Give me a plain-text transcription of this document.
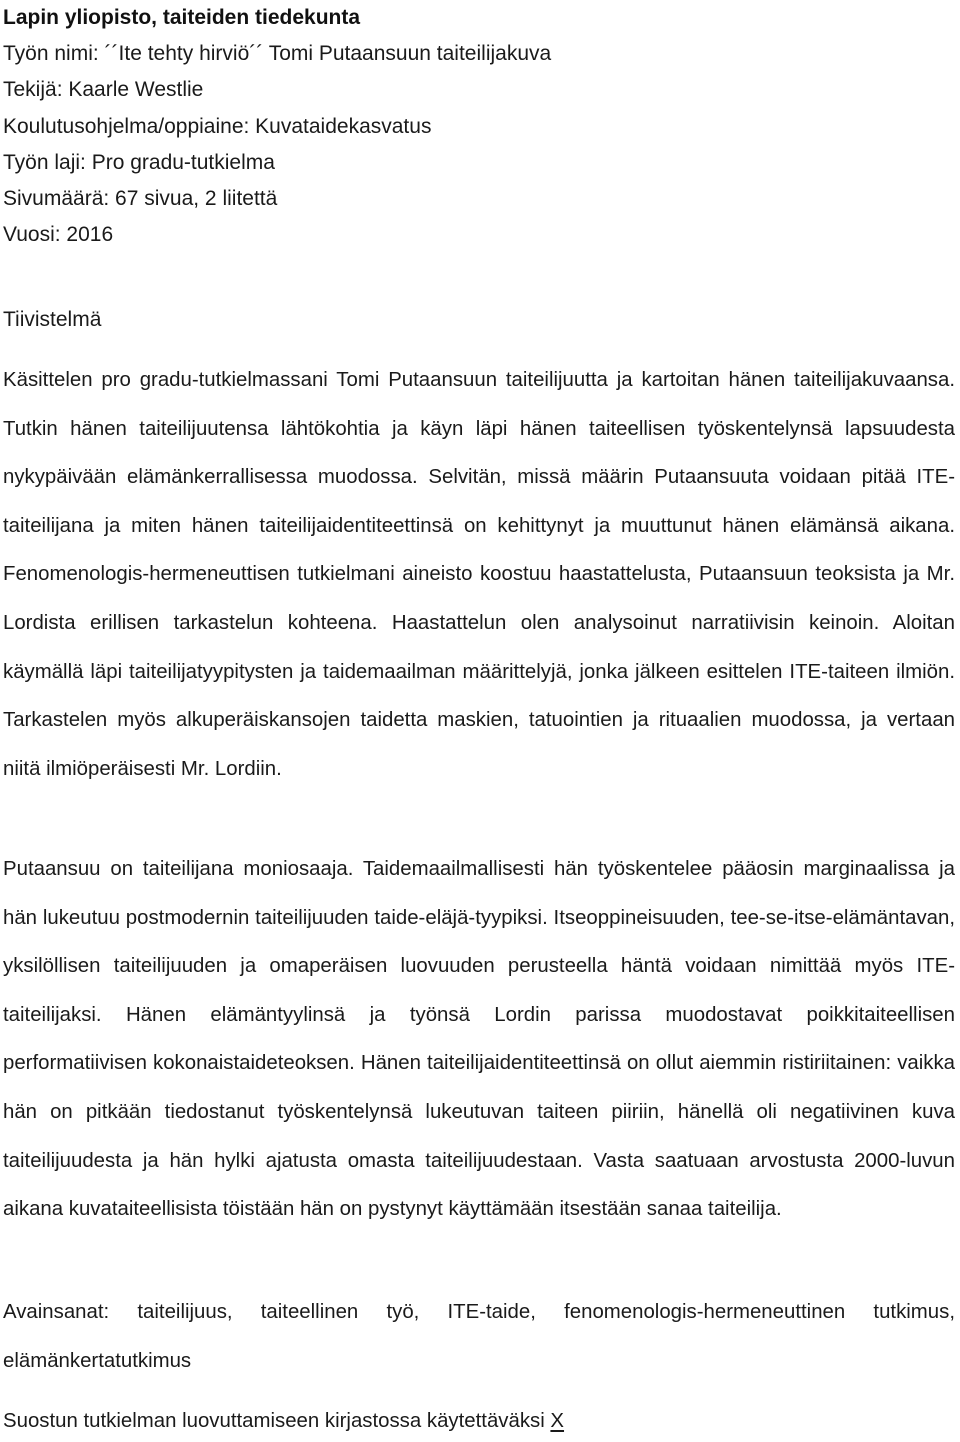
Lapin yliopisto, taiteiden tiedekunta
Työn nimi: ´´Ite tehty hirviö´´ Tomi Putaansuun taiteilijakuva
Tekijä: Kaarle Westlie
Koulutusohjelma/oppiaine: Kuvataidekasvatus
Työn laji: Pro gradu-tutkielma
Sivumäärä: 67 sivua, 2 liitettä
Vuosi: 2016
Tiivistelmä

Käsittelen pro gradu-tutkielmassani Tomi Putaansuun taiteilijuutta ja kartoitan hänen taiteilijakuvaansa. Tutkin hänen taiteilijuutensa lähtökohtia ja käyn läpi hänen taiteellisen työskentelynsä lapsuudesta nykypäivään elämänkerrallisessa muodossa. Selvitän, missä määrin Putaansuuta voidaan pitää ITE-taiteilijana ja miten hänen taiteilijaidentiteettinsä on kehittynyt ja muuttunut hänen elämänsä aikana. Fenomenologis-hermeneuttisen tutkielmani aineisto koostuu haastattelusta, Putaansuun teoksista ja Mr. Lordista erillisen tarkastelun kohteena. Haastattelun olen analysoinut narratiivisin keinoin. Aloitan käymällä läpi taiteilijatyypitysten ja taidemaailman määrittelyjä, jonka jälkeen esittelen ITE-taiteen ilmiön. Tarkastelen myös alkuperäiskansojen taidetta maskien, tatuointien ja rituaalien muodossa, ja vertaan niitä ilmiöperäisesti Mr. Lordiin.

Putaansuu on taiteilijana moniosaaja. Taidemaailmallisesti hän työskentelee pääosin marginaalissa ja hän lukeutuu postmodernin taiteilijuuden taide-eläjä-tyypiksi. Itseoppineisuuden, tee-se-itse-elämäntavan, yksilöllisen taiteilijuuden ja omaperäisen luovuuden perusteella häntä voidaan nimittää myös ITE-taiteilijaksi. Hänen elämäntyylinsä ja työnsä Lordin parissa muodostavat poikkitaiteellisen performatiivisen kokonaistaideteoksen. Hänen taiteilijaidentiteettinsä on ollut aiemmin ristiriitainen: vaikka hän on pitkään tiedostanut työskentelynsä lukeutuvan taiteen piiriin, hänellä oli negatiivinen kuva taiteilijuudesta ja hän hylki ajatusta omasta taiteilijuudestaan. Vasta saatuaan arvostusta 2000-luvun aikana kuvataiteellisista töistään hän on pystynyt käyttämään itsestään sanaa taiteilija.

Avainsanat: taiteilijuus, taiteellinen työ, ITE-taide, fenomenologis-hermeneuttinen tutkimus, elämänkertatutkimus

Suostun tutkielman luovuttamiseen kirjastossa käytettäväksi X
